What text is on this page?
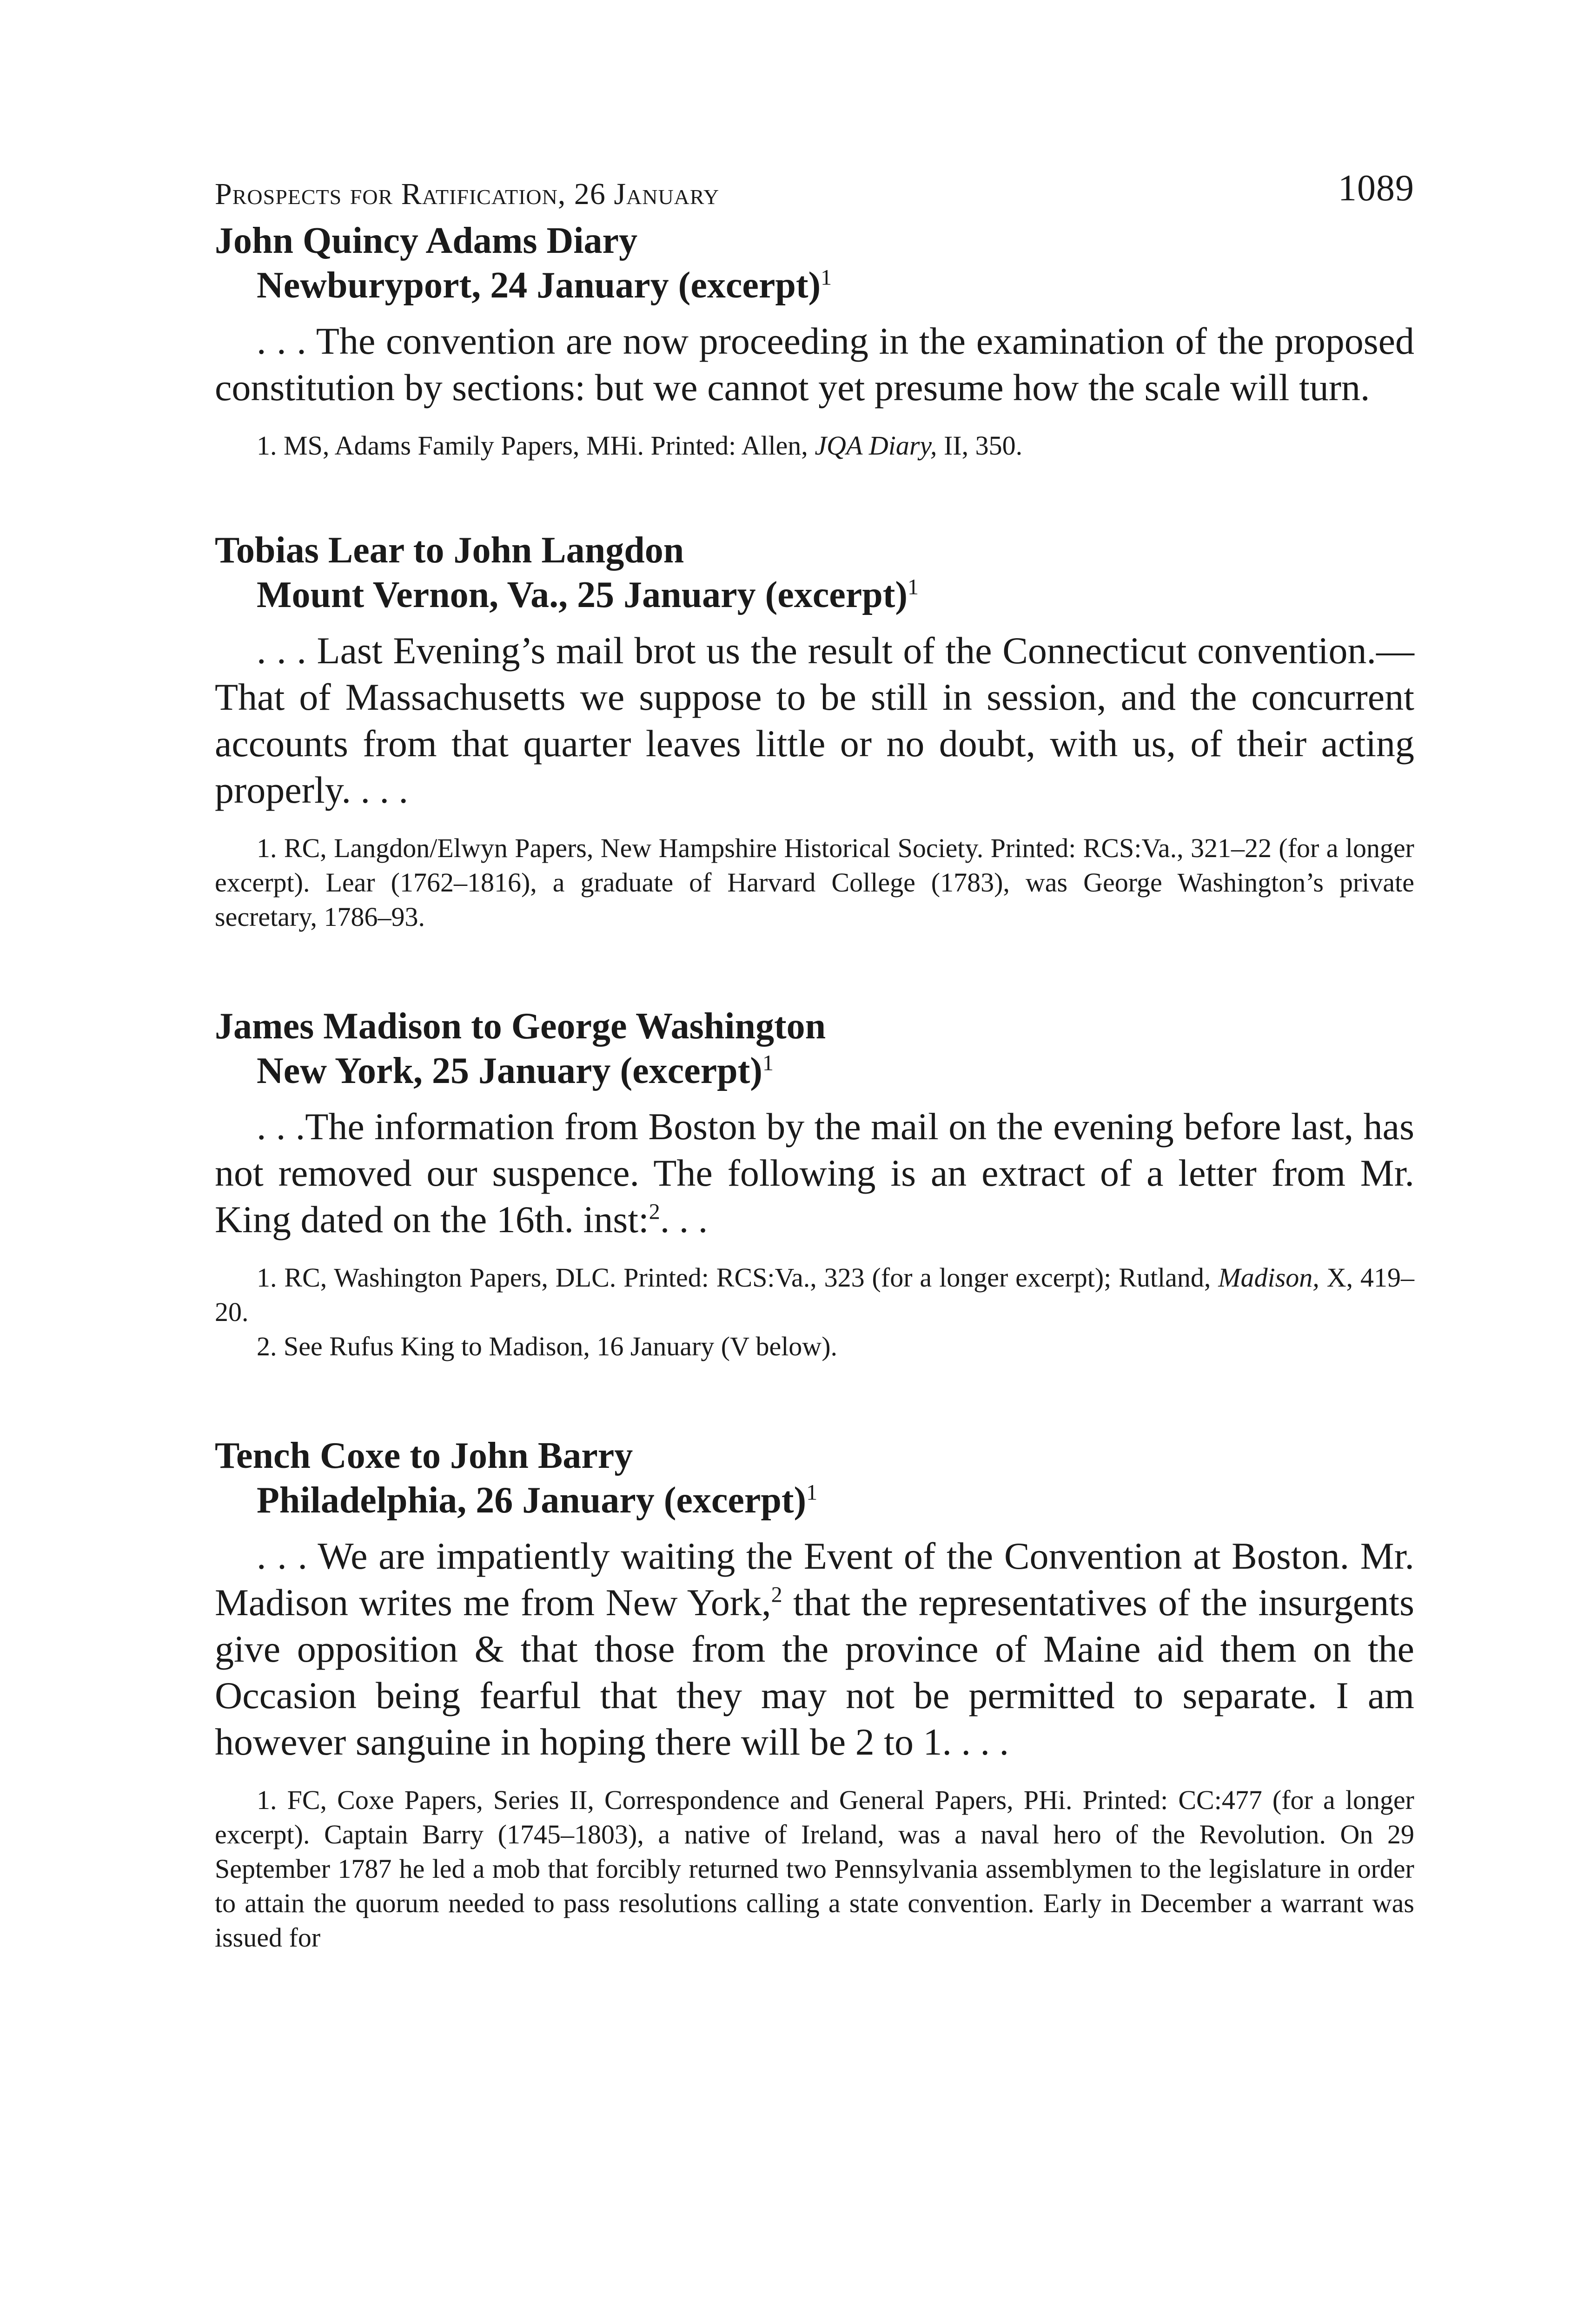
Prospects for Ratification, 26 January	1089

John Quincy Adams Diary

Newburyport, 24 January (excerpt)$^1$

. . . The convention are now proceeding in the examination of the proposed constitution by sections: but we cannot yet presume how the scale will turn.

1. MS, Adams Family Papers, MHi. Printed: Allen, JQA Diary, II, 350.

Tobias Lear to John Langdon

Mount Vernon, Va., 25 January (excerpt)$^1$

. . . Last Evening’s mail brot us the result of the Connecticut convention.—That of Massachusetts we suppose to be still in session, and the concurrent accounts from that quarter leaves little or no doubt, with us, of their acting properly. . . .

1. RC, Langdon/Elwyn Papers, New Hampshire Historical Society. Printed: RCS:Va., 321–22 (for a longer excerpt). Lear (1762–1816), a graduate of Harvard College (1783), was George Washington’s private secretary, 1786–93.

James Madison to George Washington

New York, 25 January (excerpt)$^1$

. . .The information from Boston by the mail on the evening before last, has not removed our suspence. The following is an extract of a letter from Mr. King dated on the 16th. inst:$^2$. . .

1. RC, Washington Papers, DLC. Printed: RCS:Va., 323 (for a longer excerpt); Rutland, Madison, X, 419–20.

2. See Rufus King to Madison, 16 January (V below).

Tench Coxe to John Barry

Philadelphia, 26 January (excerpt)$^1$

. . . We are impatiently waiting the Event of the Convention at Boston. Mr. Madison writes me from New York,$^2$ that the representatives of the insurgents give opposition & that those from the province of Maine aid them on the Occasion being fearful that they may not be permitted to separate. I am however sanguine in hoping there will be 2 to 1. . . .

1. FC, Coxe Papers, Series II, Correspondence and General Papers, PHi. Printed: CC:477 (for a longer excerpt). Captain Barry (1745–1803), a native of Ireland, was a naval hero of the Revolution. On 29 September 1787 he led a mob that forcibly returned two Pennsylvania assemblymen to the legislature in order to attain the quorum needed to pass resolutions calling a state convention. Early in December a warrant was issued for
